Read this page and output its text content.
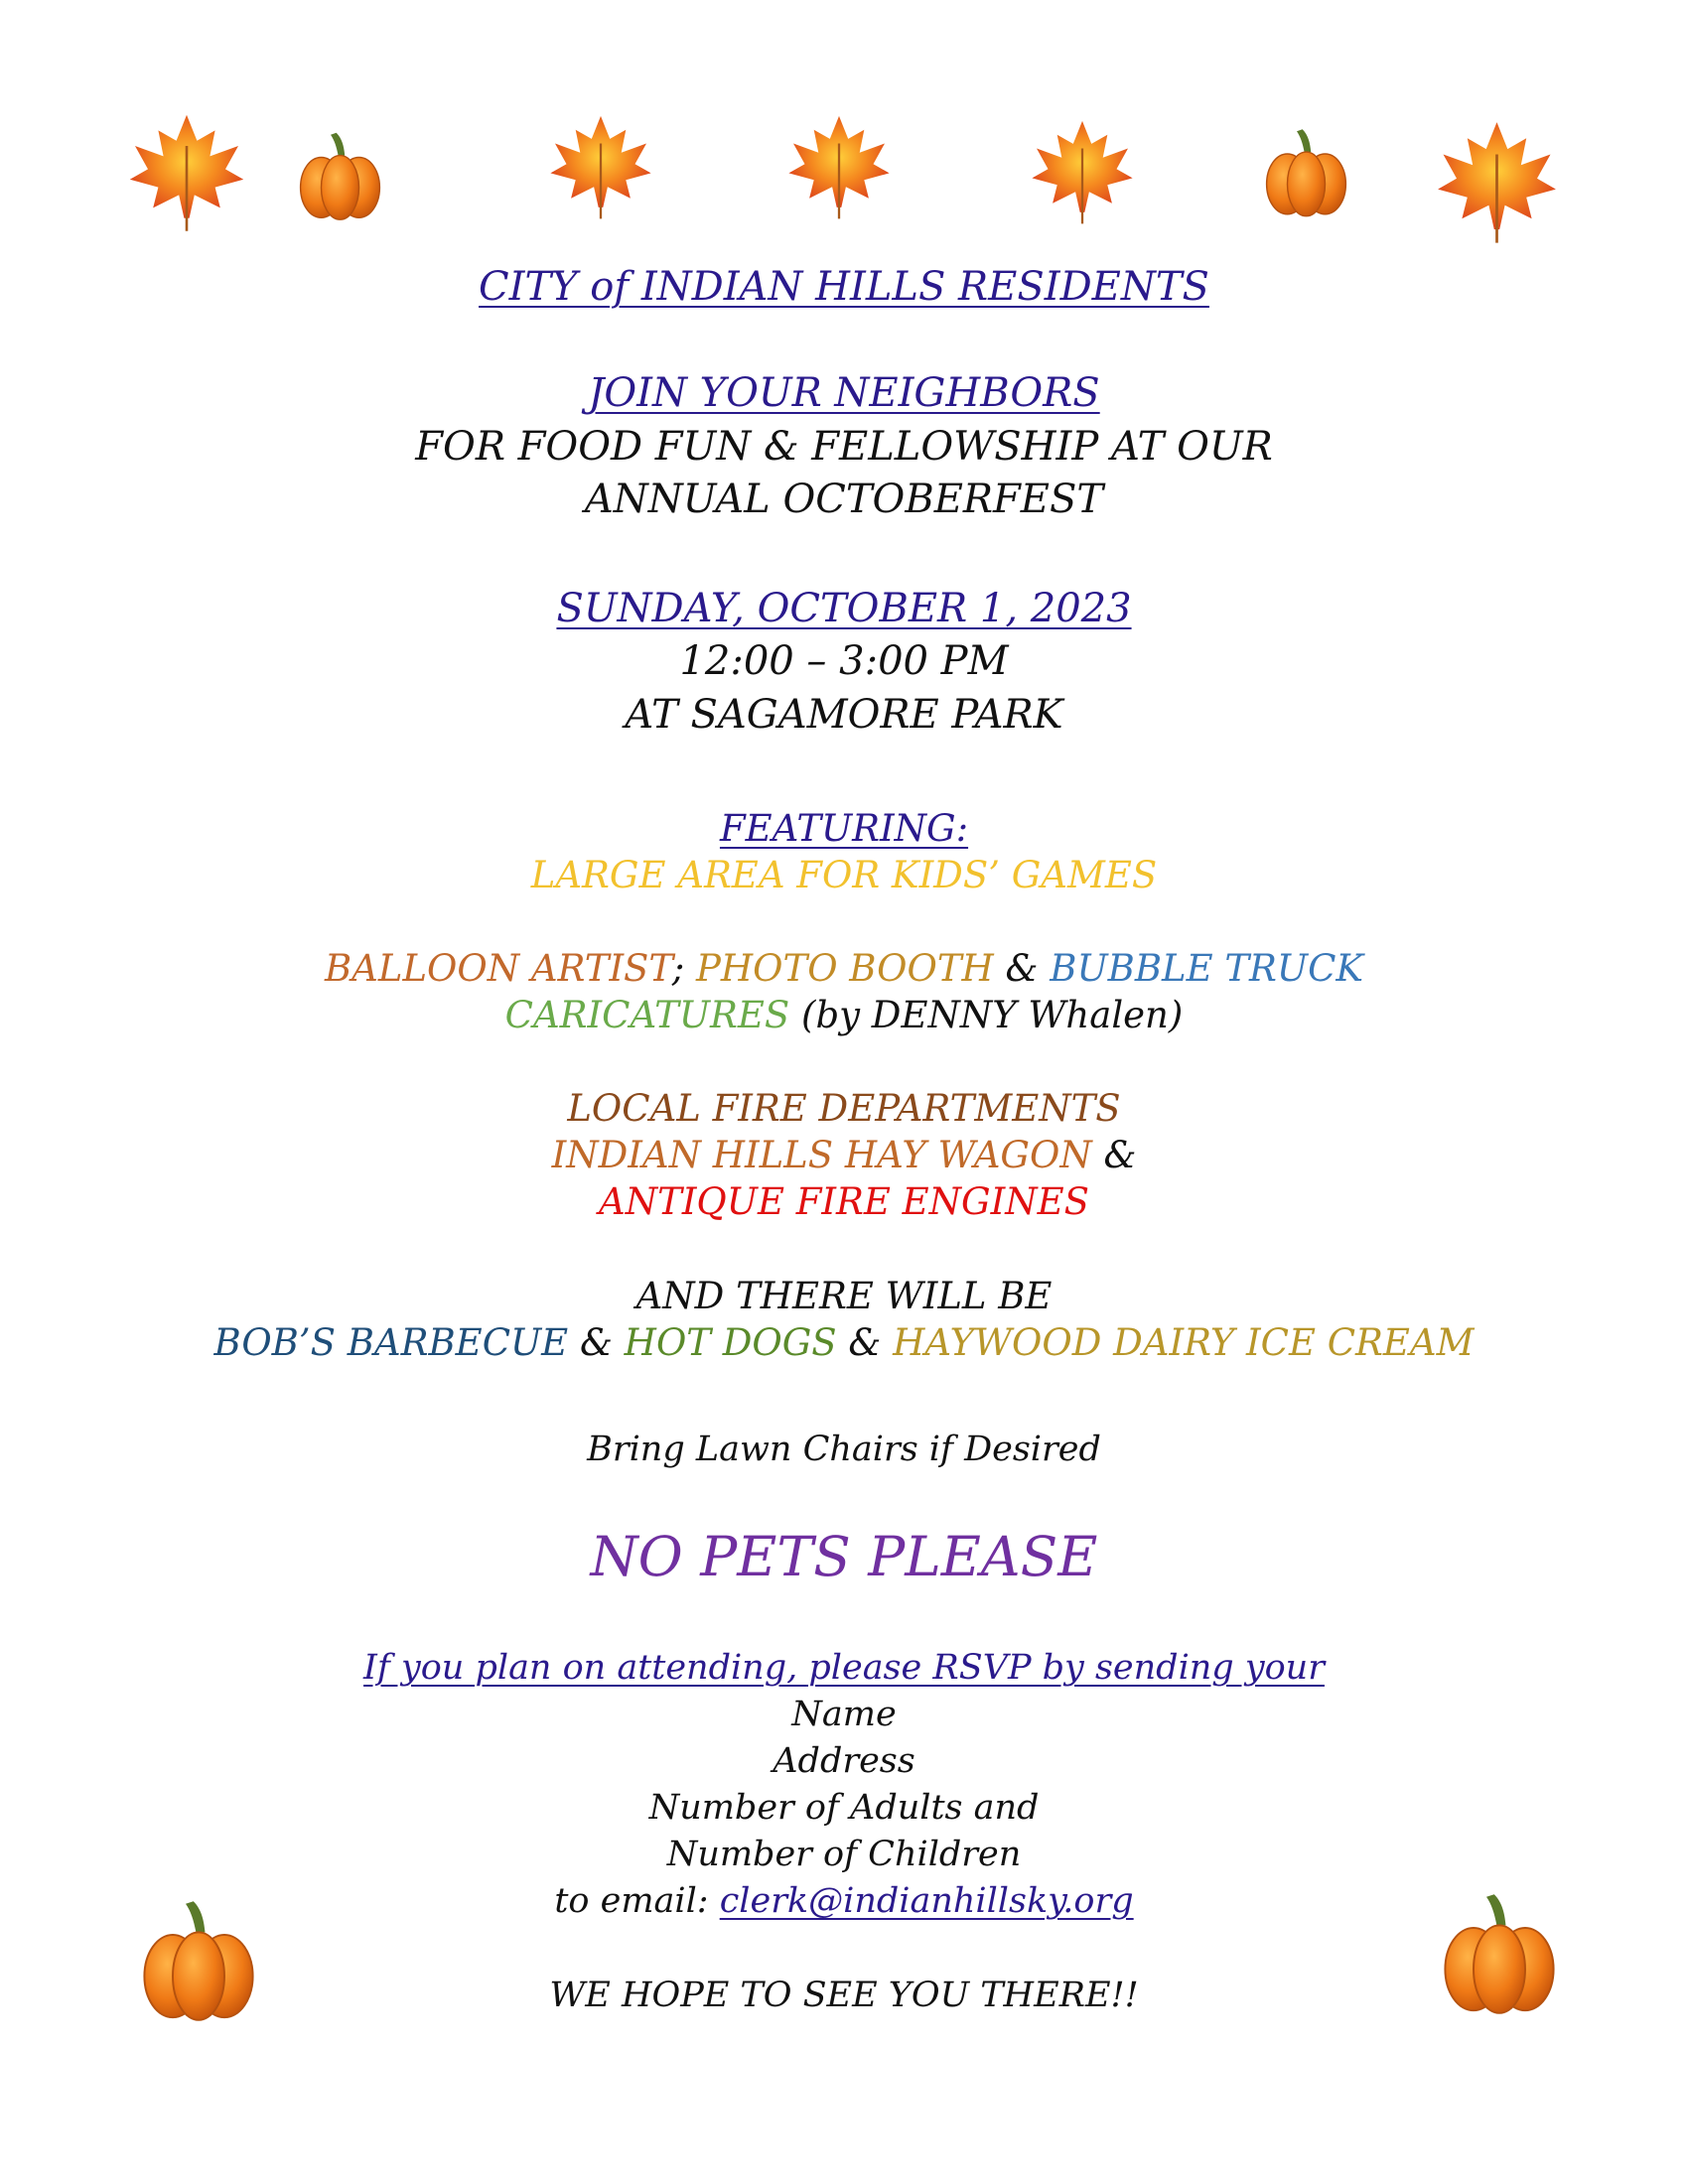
CITY of INDIAN HILLS RESIDENTS
JOIN YOUR NEIGHBORS
FOR FOOD FUN & FELLOWSHIP AT OUR
ANNUAL OCTOBERFEST
SUNDAY, OCTOBER 1, 2023
12:00 – 3:00 PM
AT SAGAMORE PARK
FEATURING:
LARGE AREA FOR KIDS’ GAMES
BALLOON ARTIST; PHOTO BOOTH & BUBBLE TRUCK
CARICATURES (by DENNY Whalen)
LOCAL FIRE DEPARTMENTS
INDIAN HILLS HAY WAGON &
ANTIQUE FIRE ENGINES
AND THERE WILL BE
BOB’S BARBECUE & HOT DOGS & HAYWOOD DAIRY ICE CREAM
Bring Lawn Chairs if Desired
NO PETS PLEASE
If you plan on attending, please RSVP by sending your
Name
Address
Number of Adults and
Number of Children
to email: clerk@indianhillsky.org
WE HOPE TO SEE YOU THERE!!
